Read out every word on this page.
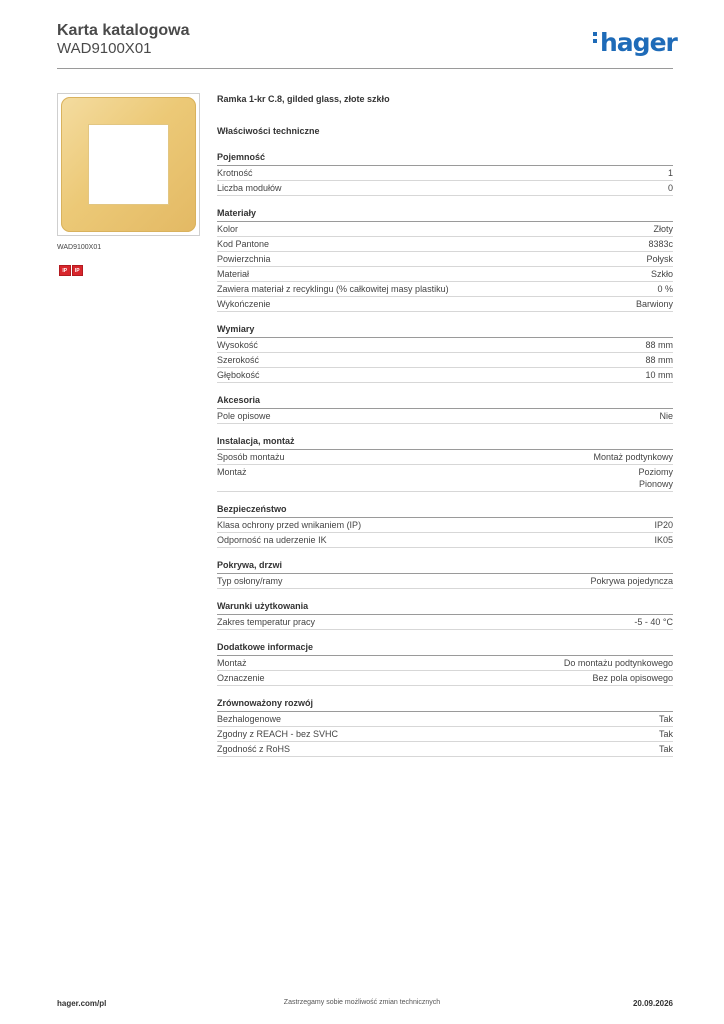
Karta katalogowa
WAD9100X01	hager
WAD9100X01
IP	IP
Ramka 1-kr C.8, gilded glass, złote szkło
Właściwości techniczne
Pojemność
Krotność	1
Liczba modułów	0
Materiały
Kolor	Złoty
Kod Pantone	8383c
Powierzchnia	Połysk
Materiał	Szkło
Zawiera materiał z recyklingu (% całkowitej masy plastiku)	0 %
Wykończenie	Barwiony
Wymiary
Wysokość	88 mm
Szerokość	88 mm
Głębokość	10 mm
Akcesoria
Pole opisowe	Nie
Instalacja, montaż
Sposób montażu	Montaż podtynkowy
Montaż	Poziomy
Pionowy
Bezpieczeństwo
Klasa ochrony przed wnikaniem (IP)	IP20
Odporność na uderzenie IK	IK05
Pokrywa, drzwi
Typ osłony/ramy	Pokrywa pojedyncza
Warunki użytkowania
Zakres temperatur pracy	-5 - 40 °C
Dodatkowe informacje
Montaż	Do montażu podtynkowego
Oznaczenie	Bez pola opisowego
Zrównoważony rozwój
Bezhalogenowe	Tak
Zgodny z REACH - bez SVHC	Tak
Zgodność z RoHS	Tak
hager.com/pl	Zastrzegamy sobie możliwość zmian technicznych	20.09.2026
